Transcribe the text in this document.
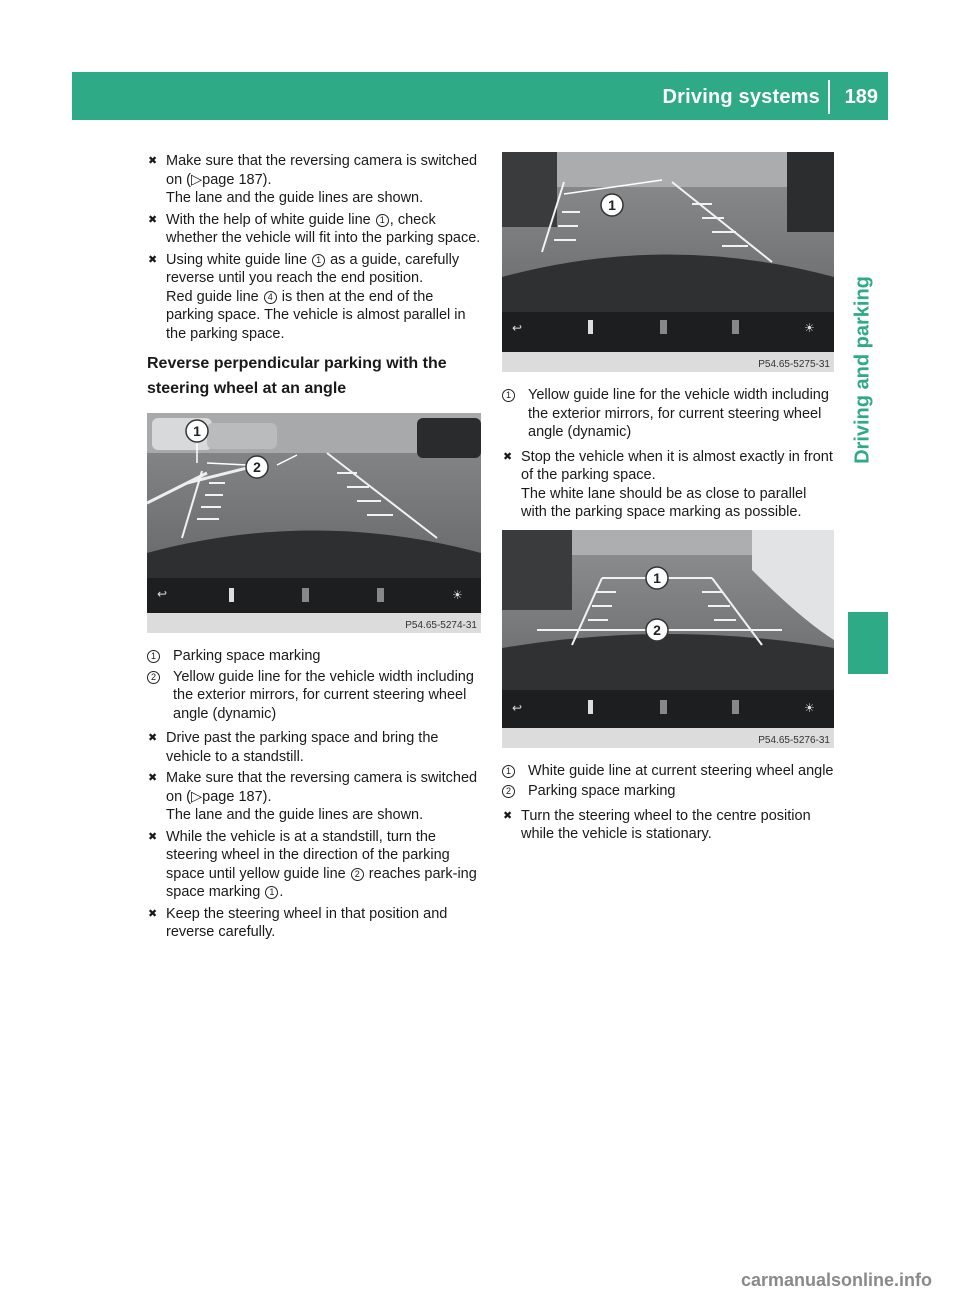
Driving systems 189
Driving and parking
✖ Make sure that the reversing camera is switched on (▷page 187).

The lane and the guide lines are shown.

✖ With the help of white guide line 1 , check whether the vehicle will fit into the parking space.

✖ Using white guide line 1 as a guide, carefully reverse until you reach the end position.

Red guide line 4 is then at the end of the parking space. The vehicle is almost parallel in the parking space.

Reverse perpendicular parking with the steering wheel at an angle
1
2
↩	☀
P54.65-5274-31
1 Parking space marking

2 Yellow guide line for the vehicle width including the exterior mirrors, for current steering wheel angle (dynamic)

✖ Drive past the parking space and bring the vehicle to a standstill.

✖ Make sure that the reversing camera is switched on (▷page 187).

The lane and the guide lines are shown.

✖ While the vehicle is at a standstill, turn the steering wheel in the direction of the parking space until yellow guide line 2 reaches park-ing space marking 1 .

✖ Keep the steering wheel in that position and reverse carefully.

1
↩	☀
P54.65-5275-31
1 Yellow guide line for the vehicle width including the exterior mirrors, for current steering wheel angle (dynamic)

✖ Stop the vehicle when it is almost exactly in front of the parking space.

The white lane should be as close to parallel with the parking space marking as possible.

1
2
↩	☀
P54.65-5276-31
1 White guide line at current steering wheel angle

2 Parking space marking

✖ Turn the steering wheel to the centre position while the vehicle is stationary.

carmanualsonline.info
